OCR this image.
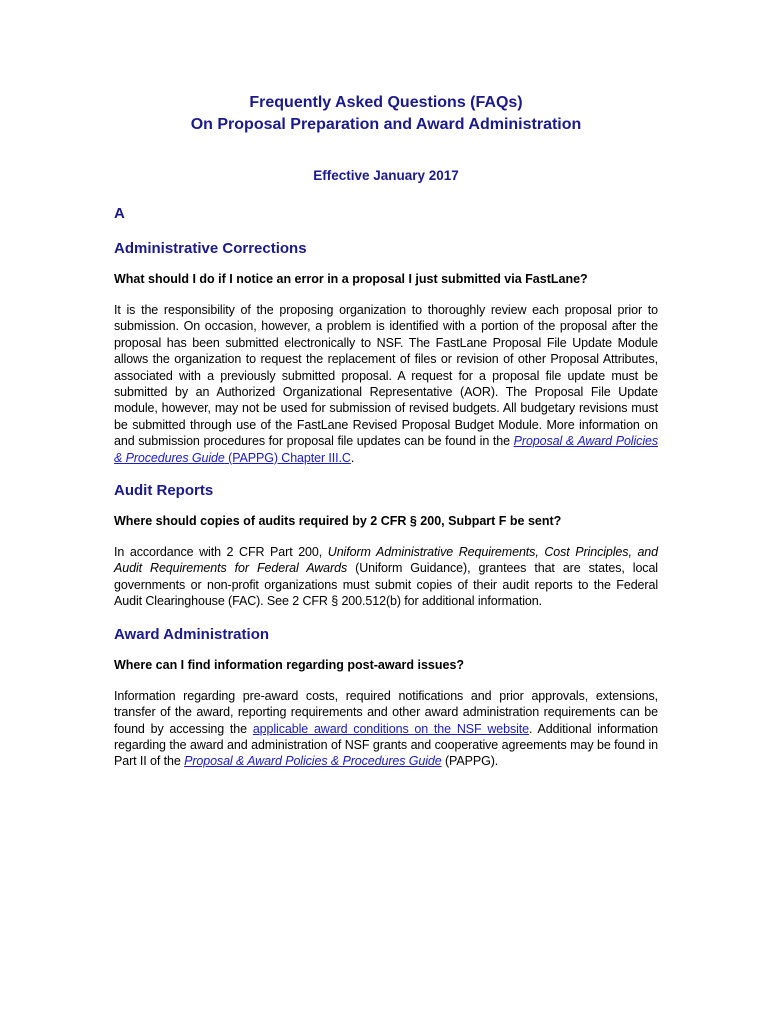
Frequently Asked Questions (FAQs)
On Proposal Preparation and Award Administration

Effective January 2017

A

Administrative Corrections

What should I do if I notice an error in a proposal I just submitted via FastLane?

It is the responsibility of the proposing organization to thoroughly review each proposal prior to submission. On occasion, however, a problem is identified with a portion of the proposal after the proposal has been submitted electronically to NSF. The FastLane Proposal File Update Module allows the organization to request the replacement of files or revision of other Proposal Attributes, associated with a previously submitted proposal. A request for a proposal file update must be submitted by an Authorized Organizational Representative (AOR). The Proposal File Update module, however, may not be used for submission of revised budgets. All budgetary revisions must be submitted through use of the FastLane Revised Proposal Budget Module. More information on and submission procedures for proposal file updates can be found in the Proposal & Award Policies & Procedures Guide (PAPPG) Chapter III.C.

Audit Reports

Where should copies of audits required by 2 CFR § 200, Subpart F be sent?

In accordance with 2 CFR Part 200, Uniform Administrative Requirements, Cost Principles, and Audit Requirements for Federal Awards (Uniform Guidance), grantees that are states, local governments or non-profit organizations must submit copies of their audit reports to the Federal Audit Clearinghouse (FAC). See 2 CFR § 200.512(b) for additional information.

Award Administration

Where can I find information regarding post-award issues?

Information regarding pre-award costs, required notifications and prior approvals, extensions, transfer of the award, reporting requirements and other award administration requirements can be found by accessing the applicable award conditions on the NSF website. Additional information regarding the award and administration of NSF grants and cooperative agreements may be found in Part II of the Proposal & Award Policies & Procedures Guide (PAPPG).
